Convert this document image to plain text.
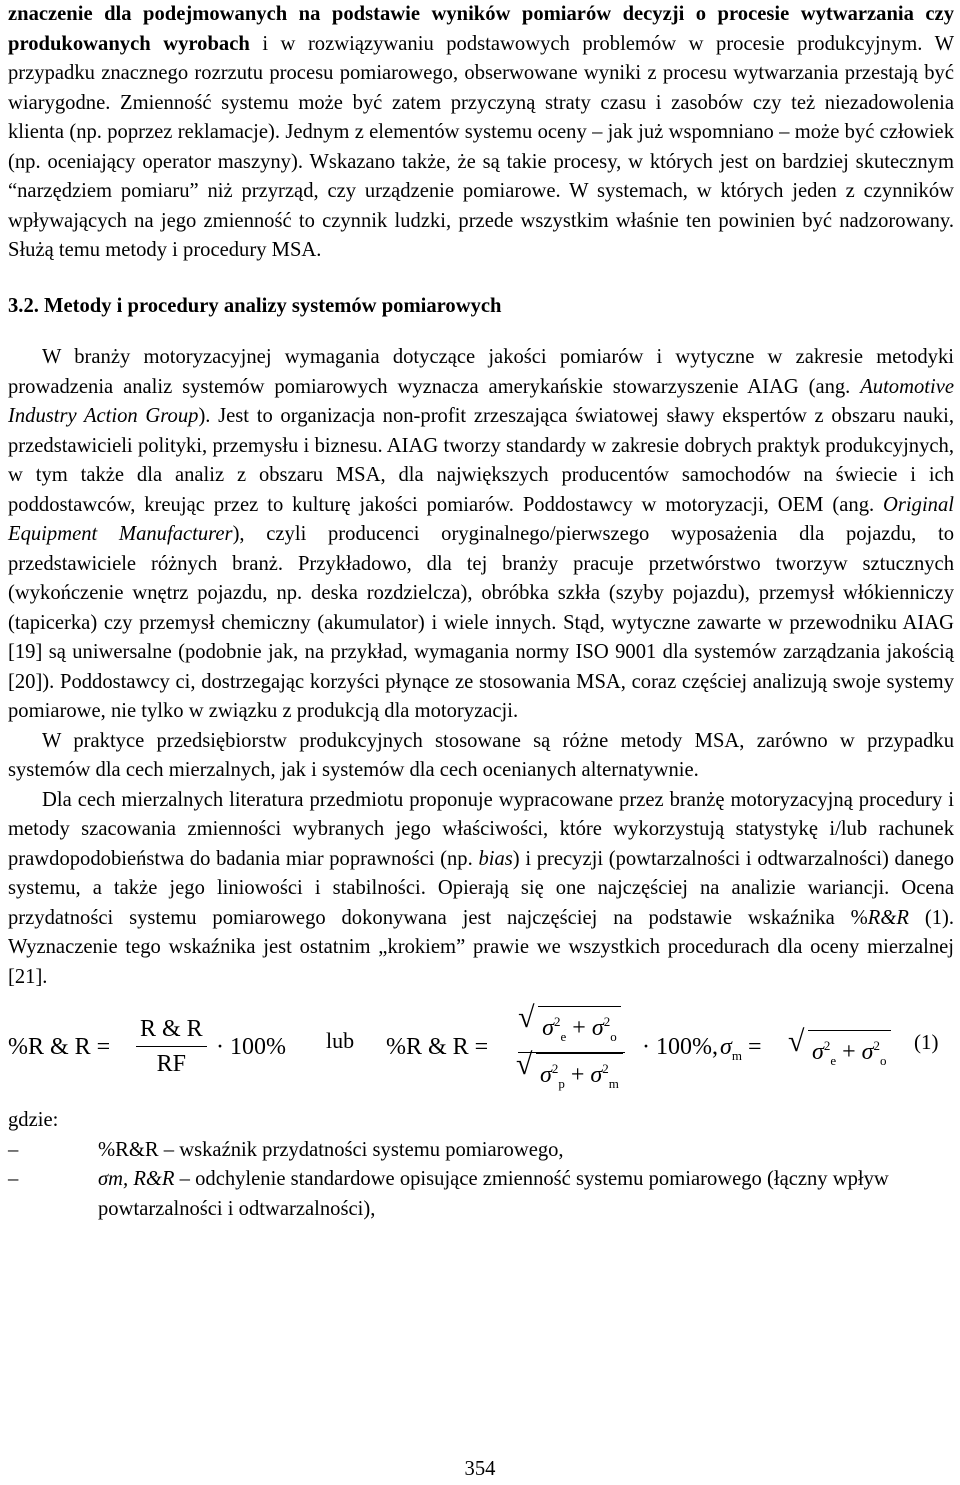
znaczenie dla podejmowanych na podstawie wyników pomiarów decyzji o procesie wytwarzania czy produkowanych wyrobach i w rozwiązywaniu podstawowych problemów w procesie produkcyjnym. W przypadku znacznego rozrzutu procesu pomiarowego, obserwowane wyniki z procesu wytwarzania przestają być wiarygodne. Zmienność systemu może być zatem przyczyną straty czasu i zasobów czy też niezadowolenia klienta (np. poprzez reklamacje). Jednym z elementów systemu oceny – jak już wspomniano – może być człowiek (np. oceniający operator maszyny). Wskazano także, że są takie procesy, w których jest on bardziej skutecznym “narzędziem pomiaru” niż przyrząd, czy urządzenie pomiarowe. W systemach, w których jeden z czynników wpływających na jego zmienność to czynnik ludzki, przede wszystkim właśnie ten powinien być nadzorowany. Służą temu metody i procedury MSA.

3.2. Metody i procedury analizy systemów pomiarowych

W branży motoryzacyjnej wymagania dotyczące jakości pomiarów i wytyczne w zakresie metodyki prowadzenia analiz systemów pomiarowych wyznacza amerykańskie stowarzyszenie AIAG (ang. Automotive Industry Action Group). Jest to organizacja non-profit zrzeszająca światowej sławy ekspertów z obszaru nauki, przedstawicieli polityki, przemysłu i biznesu. AIAG tworzy standardy w zakresie dobrych praktyk produkcyjnych, w tym także dla analiz z obszaru MSA, dla największych producentów samochodów na świecie i ich poddostawców, kreując przez to kulturę jakości pomiarów. Poddostawcy w motoryzacji, OEM (ang. Original Equipment Manufacturer), czyli producenci oryginalnego/pierwszego wyposażenia dla pojazdu, to przedstawiciele różnych branż. Przykładowo, dla tej branży pracuje przetwórstwo tworzyw sztucznych (wykończenie wnętrz pojazdu, np. deska rozdzielcza), obróbka szkła (szyby pojazdu), przemysł włókienniczy (tapicerka) czy przemysł chemiczny (akumulator) i wiele innych. Stąd, wytyczne zawarte w przewodniku AIAG [19] są uniwersalne (podobnie jak, na przykład, wymagania normy ISO 9001 dla systemów zarządzania jakością [20]). Poddostawcy ci, dostrzegając korzyści płynące ze stosowania MSA, coraz częściej analizują swoje systemy pomiarowe, nie tylko w związku z produkcją dla motoryzacji.

W praktyce przedsiębiorstw produkcyjnych stosowane są różne metody MSA, zarówno w przypadku systemów dla cech mierzalnych, jak i systemów dla cech ocenianych alternatywnie.

Dla cech mierzalnych literatura przedmiotu proponuje wypracowane przez branżę motoryzacyjną procedury i metody szacowania zmienności wybranych jego właściwości, które wykorzystują statystykę i/lub rachunek prawdopodobieństwa do badania miar poprawności (np. bias) i precyzji (powtarzalności i odtwarzalności) danego systemu, a także jego liniowości i stabilności. Opierają się one najczęściej na analizie wariancji. Ocena przydatności systemu pomiarowego dokonywana jest najczęściej na podstawie wskaźnika %R&R (1). Wyznaczenie tego wskaźnika jest ostatnim „krokiem” prawie we wszystkich procedurach dla oceny mierzalnej [21].

%R & $R = \frac{R \& R}{RF} \cdot 100\%$ lub %R & R = √ $\sigma^2_e + \sigma^2_o$
√ $\sigma^2_p + \sigma^2_m \cdot 100\%$, $\sigma_m$ = √ $\sigma^2_e + \sigma^2_o$
(1)
gdzie:
–	%R&R – wskaźnik przydatności systemu pomiarowego,
–	σm, R&R – odchylenie standardowe opisujące zmienność systemu pomiarowego (łączny wpływ powtarzalności i odtwarzalności),
354
